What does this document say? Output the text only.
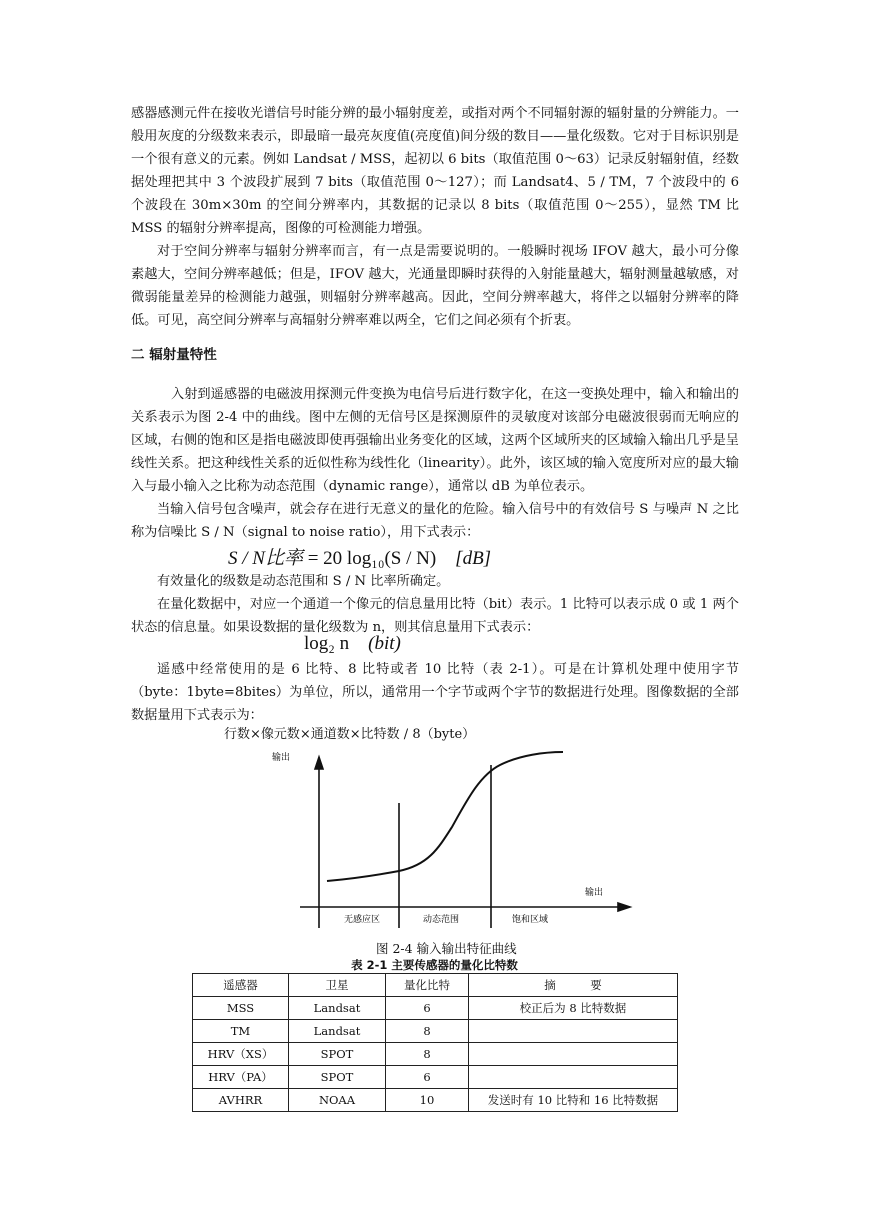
感器感测元件在接收光谱信号时能分辨的最小辐射度差，或指对两个不同辐射源的辐射量的分辨能力。一般用灰度的分级数来表示，即最暗一最亮灰度值(亮度值)间分级的数目——量化级数。它对于目标识别是一个很有意义的元素。例如 Landsat / MSS，起初以 6 bits（取值范围 0～63）记录反射辐射值，经数据处理把其中 3 个波段扩展到 7 bits（取值范围 0～127）；而 Landsat4、5 / TM，7 个波段中的 6 个波段在 30m×30m 的空间分辨率内，其数据的记录以 8 bits（取值范围 0～255），显然 TM 比 MSS 的辐射分辨率提高，图像的可检测能力增强。

对于空间分辨率与辐射分辨率而言，有一点是需要说明的。一般瞬时视场 IFOV 越大，最小可分像素越大，空间分辨率越低；但是，IFOV 越大，光通量即瞬时获得的入射能量越大，辐射测量越敏感，对微弱能量差异的检测能力越强，则辐射分辨率越高。因此，空间分辨率越大，将伴之以辐射分辨率的降低。可见，高空间分辨率与高辐射分辨率难以两全，它们之间必须有个折衷。

二 辐射量特性

入射到遥感器的电磁波用探测元件变换为电信号后进行数字化，在这一变换处理中，输入和输出的关系表示为图 2-4 中的曲线。图中左侧的无信号区是探测原件的灵敏度对该部分电磁波很弱而无响应的区域，右侧的饱和区是指电磁波即使再强输出业务变化的区域，这两个区域所夹的区域输入输出几乎是呈线性关系。把这种线性关系的近似性称为线性化（linearity）。此外，该区域的输入宽度所对应的最大输入与最小输入之比称为动态范围（dynamic range），通常以 dB 为单位表示。

当输入信号包含噪声，就会存在进行无意义的量化的危险。输入信号中的有效信号 S 与噪声 N 之比称为信噪比 S / N（signal to noise ratio），用下式表示：

S / N比率 = 20 log₁₀(S / N) [dB]

有效量化的级数是动态范围和 S / N 比率所确定。

在量化数据中，对应一个通道一个像元的信息量用比特（bit）表示。1 比特可以表示成 0 或 1 两个状态的信息量。如果设数据的量化级数为 n，则其信息量用下式表示：

log₂ n (bit)

遥感中经常使用的是 6 比特、8 比特或者 10 比特（表 2-1）。可是在计算机处理中使用字节（byte：1byte=8bites）为单位，所以，通常用一个字节或两个字节的数据进行处理。图像数据的全部数据量用下式表示为：

行数×像元数×通道数×比特数 / 8（byte）
输出
输出
无感应区	动态范围	饱和区域
图 2-4 输入输出特征曲线
表 2-1 主要传感器的量化比特数
遥感器	卫星	量化比特	摘　　　要
MSS	Landsat	6	校正后为 8 比特数据
TM	Landsat	8	
HRV（XS）	SPOT	8	
HRV（PA）	SPOT	6	
AVHRR	NOAA	10	发送时有 10 比特和 16 比特数据
